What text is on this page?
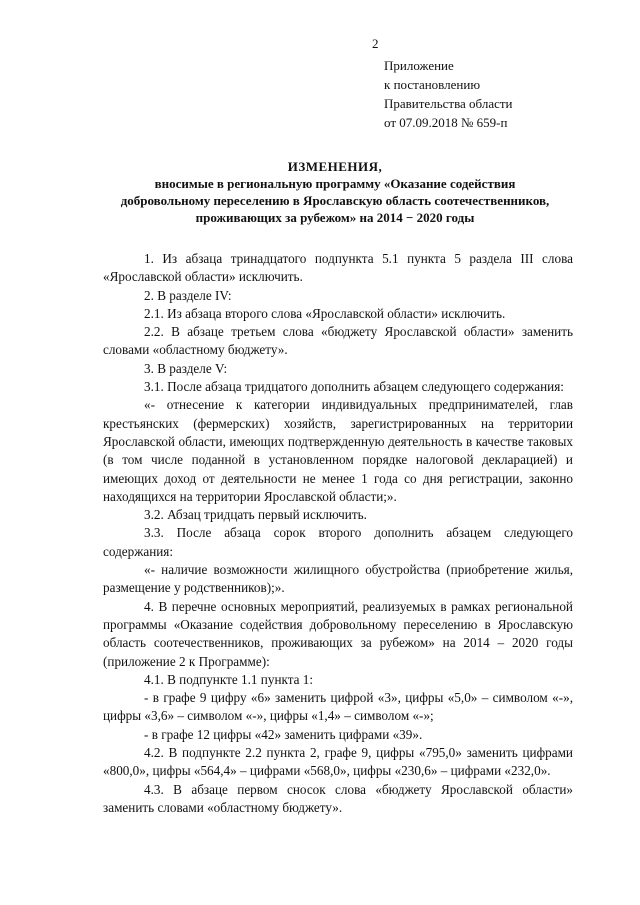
2
Приложение
к постановлению
Правительства области
от 07.09.2018 № 659-п
ИЗМЕНЕНИЯ,
вносимые в региональную программу «Оказание содействия
добровольному переселению в Ярославскую область соотечественников,
проживающих за рубежом» на 2014 − 2020 годы

1. Из абзаца тринадцатого подпункта 5.1 пункта 5 раздела III слова «Ярославской области» исключить.

2. В разделе IV:

2.1. Из абзаца второго слова «Ярославской области» исключить.

2.2. В абзаце третьем слова «бюджету Ярославской области» заменить словами «областному бюджету».

3. В разделе V:

3.1. После абзаца тридцатого дополнить абзацем следующего содержания:

«- отнесение к категории индивидуальных предпринимателей, глав крестьянских (фермерских) хозяйств, зарегистрированных на территории Ярославской области, имеющих подтвержденную деятельность в качестве таковых (в том числе поданной в установленном порядке налоговой декларацией) и имеющих доход от деятельности не менее 1 года со дня регистрации, законно находящихся на территории Ярославской области;».

3.2. Абзац тридцать первый исключить.

3.3. После абзаца сорок второго дополнить абзацем следующего содержания:

«- наличие возможности жилищного обустройства (приобретение жилья, размещение у родственников);».

4. В перечне основных мероприятий, реализуемых в рамках региональной программы «Оказание содействия добровольному переселению в Ярославскую область соотечественников, проживающих за рубежом» на 2014 – 2020 годы (приложение 2 к Программе):

4.1. В подпункте 1.1 пункта 1:

- в графе 9 цифру «6» заменить цифрой «3», цифры «5,0» – символом «-», цифры «3,6» – символом «-», цифры «1,4» – символом «-»;

- в графе 12 цифры «42» заменить цифрами «39».

4.2. В подпункте 2.2 пункта 2, графе 9, цифры «795,0» заменить цифрами «800,0», цифры «564,4» – цифрами «568,0», цифры «230,6» – цифрами «232,0».

4.3. В абзаце первом сносок слова «бюджету Ярославской области» заменить словами «областному бюджету».
